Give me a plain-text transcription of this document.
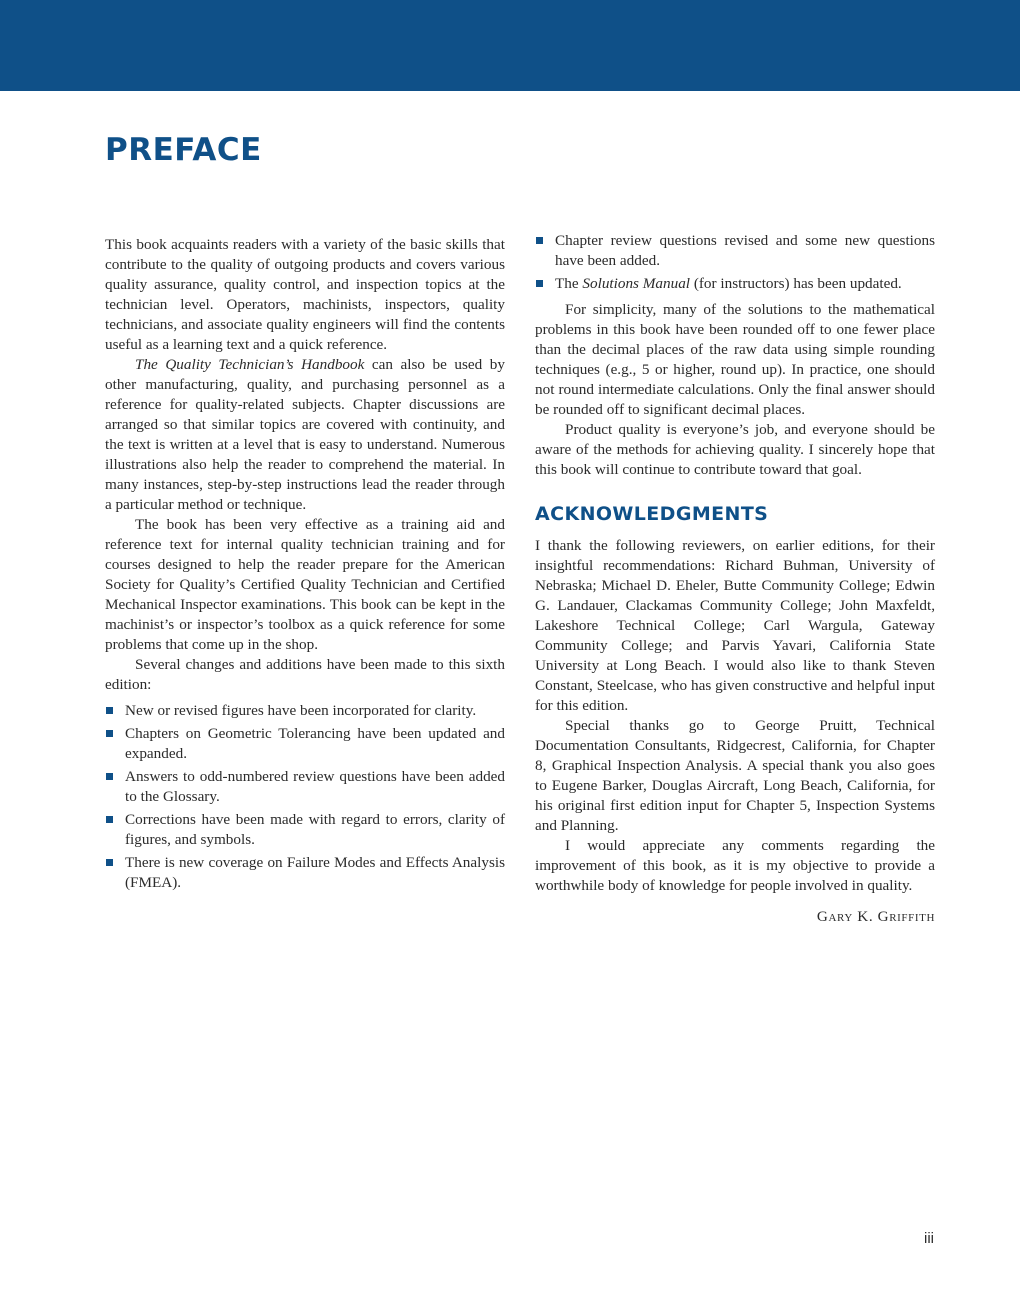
PREFACE

This book acquaints readers with a variety of the basic skills that contribute to the quality of outgoing products and covers various quality assurance, quality control, and inspection topics at the technician level. Operators, machinists, inspectors, quality technicians, and associate quality engineers will find the contents useful as a learning text and a quick reference.

The Quality Technician’s Handbook can also be used by other manufacturing, quality, and purchasing personnel as a reference for quality-related subjects. Chapter discussions are arranged so that similar topics are covered with continuity, and the text is written at a level that is easy to understand. Numerous illustrations also help the reader to comprehend the material. In many instances, step-by-step instructions lead the reader through a particular method or technique.

The book has been very effective as a training aid and reference text for internal quality technician training and for courses designed to help the reader prepare for the American Society for Quality’s Certified Quality Technician and Certified Mechanical Inspector examinations. This book can be kept in the machinist’s or inspector’s toolbox as a quick reference for some problems that come up in the shop.

Several changes and additions have been made to this sixth edition:

New or revised figures have been incorporated for clarity.
Chapters on Geometric Tolerancing have been updated and expanded.
Answers to odd-numbered review questions have been added to the Glossary.
Corrections have been made with regard to errors, clarity of figures, and symbols.
There is new coverage on Failure Modes and Effects Analysis (FMEA).
Chapter review questions revised and some new questions have been added.
The Solutions Manual (for instructors) has been updated.

For simplicity, many of the solutions to the mathematical problems in this book have been rounded off to one fewer place than the decimal places of the raw data using simple rounding techniques (e.g., 5 or higher, round up). In practice, one should not round intermediate calculations. Only the final answer should be rounded off to significant decimal places.

Product quality is everyone’s job, and everyone should be aware of the methods for achieving quality. I sincerely hope that this book will continue to contribute toward that goal.

ACKNOWLEDGMENTS

I thank the following reviewers, on earlier editions, for their insightful recommendations: Richard Buhman, University of Nebraska; Michael D. Eheler, Butte Community College; Edwin G. Landauer, Clackamas Community College; John Maxfeldt, Lakeshore Technical College; Carl Wargula, Gateway Community College; and Parvis Yavari, California State University at Long Beach. I would also like to thank Steven Constant, Steelcase, who has given constructive and helpful input for this edition.

Special thanks go to George Pruitt, Technical Documentation Consultants, Ridgecrest, California, for Chapter 8, Graphical Inspection Analysis. A special thank you also goes to Eugene Barker, Douglas Aircraft, Long Beach, California, for his original first edition input for Chapter 5, Inspection Systems and Planning.

I would appreciate any comments regarding the improvement of this book, as it is my objective to provide a worthwhile body of knowledge for people involved in quality.

Gary K. Griffith
iii
